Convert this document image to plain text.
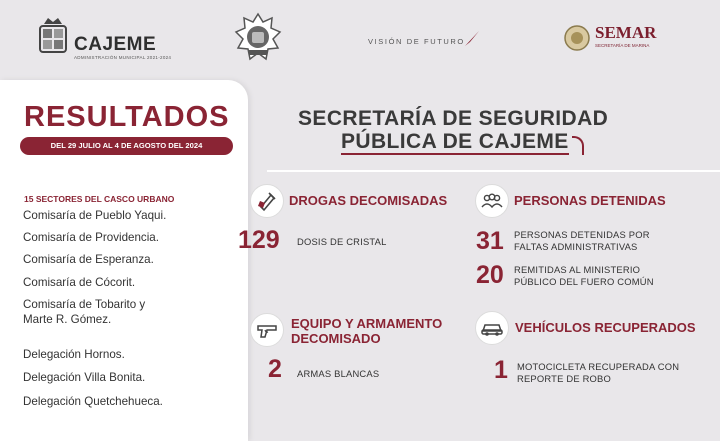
CAJEME
ADMINISTRACIÓN MUNICIPAL 2021-2024
VISIÓN DE FUTURO	SEMAR
SECRETARÍA DE MARINA
RESULTADOS
DEL 29 JULIO AL 4 DE AGOSTO DEL 2024
15 SECTORES DEL CASCO URBANO
Comisaría de Pueblo Yaqui.
Comisaría de Providencia.
Comisaría de Esperanza.
Comisaría de Cócorit.
Comisaría de Tobarito y
Marte R. Gómez.
Delegación Hornos.
Delegación Villa Bonita.
Delegación Quetchehueca.
SECRETARÍA DE SEGURIDAD
PÚBLICA DE CAJEME
DROGAS DECOMISADAS
129 DOSIS DE CRISTAL
PERSONAS DETENIDAS
31 PERSONAS DETENIDAS POR
FALTAS ADMINISTRATIVAS
20 REMITIDAS AL MINISTERIO
PÚBLICO DEL FUERO COMÚN
EQUIPO Y ARMAMENTO
DECOMISADO
2 ARMAS BLANCAS
VEHÍCULOS RECUPERADOS
1 MOTOCICLETA RECUPERADA CON
REPORTE DE ROBO
